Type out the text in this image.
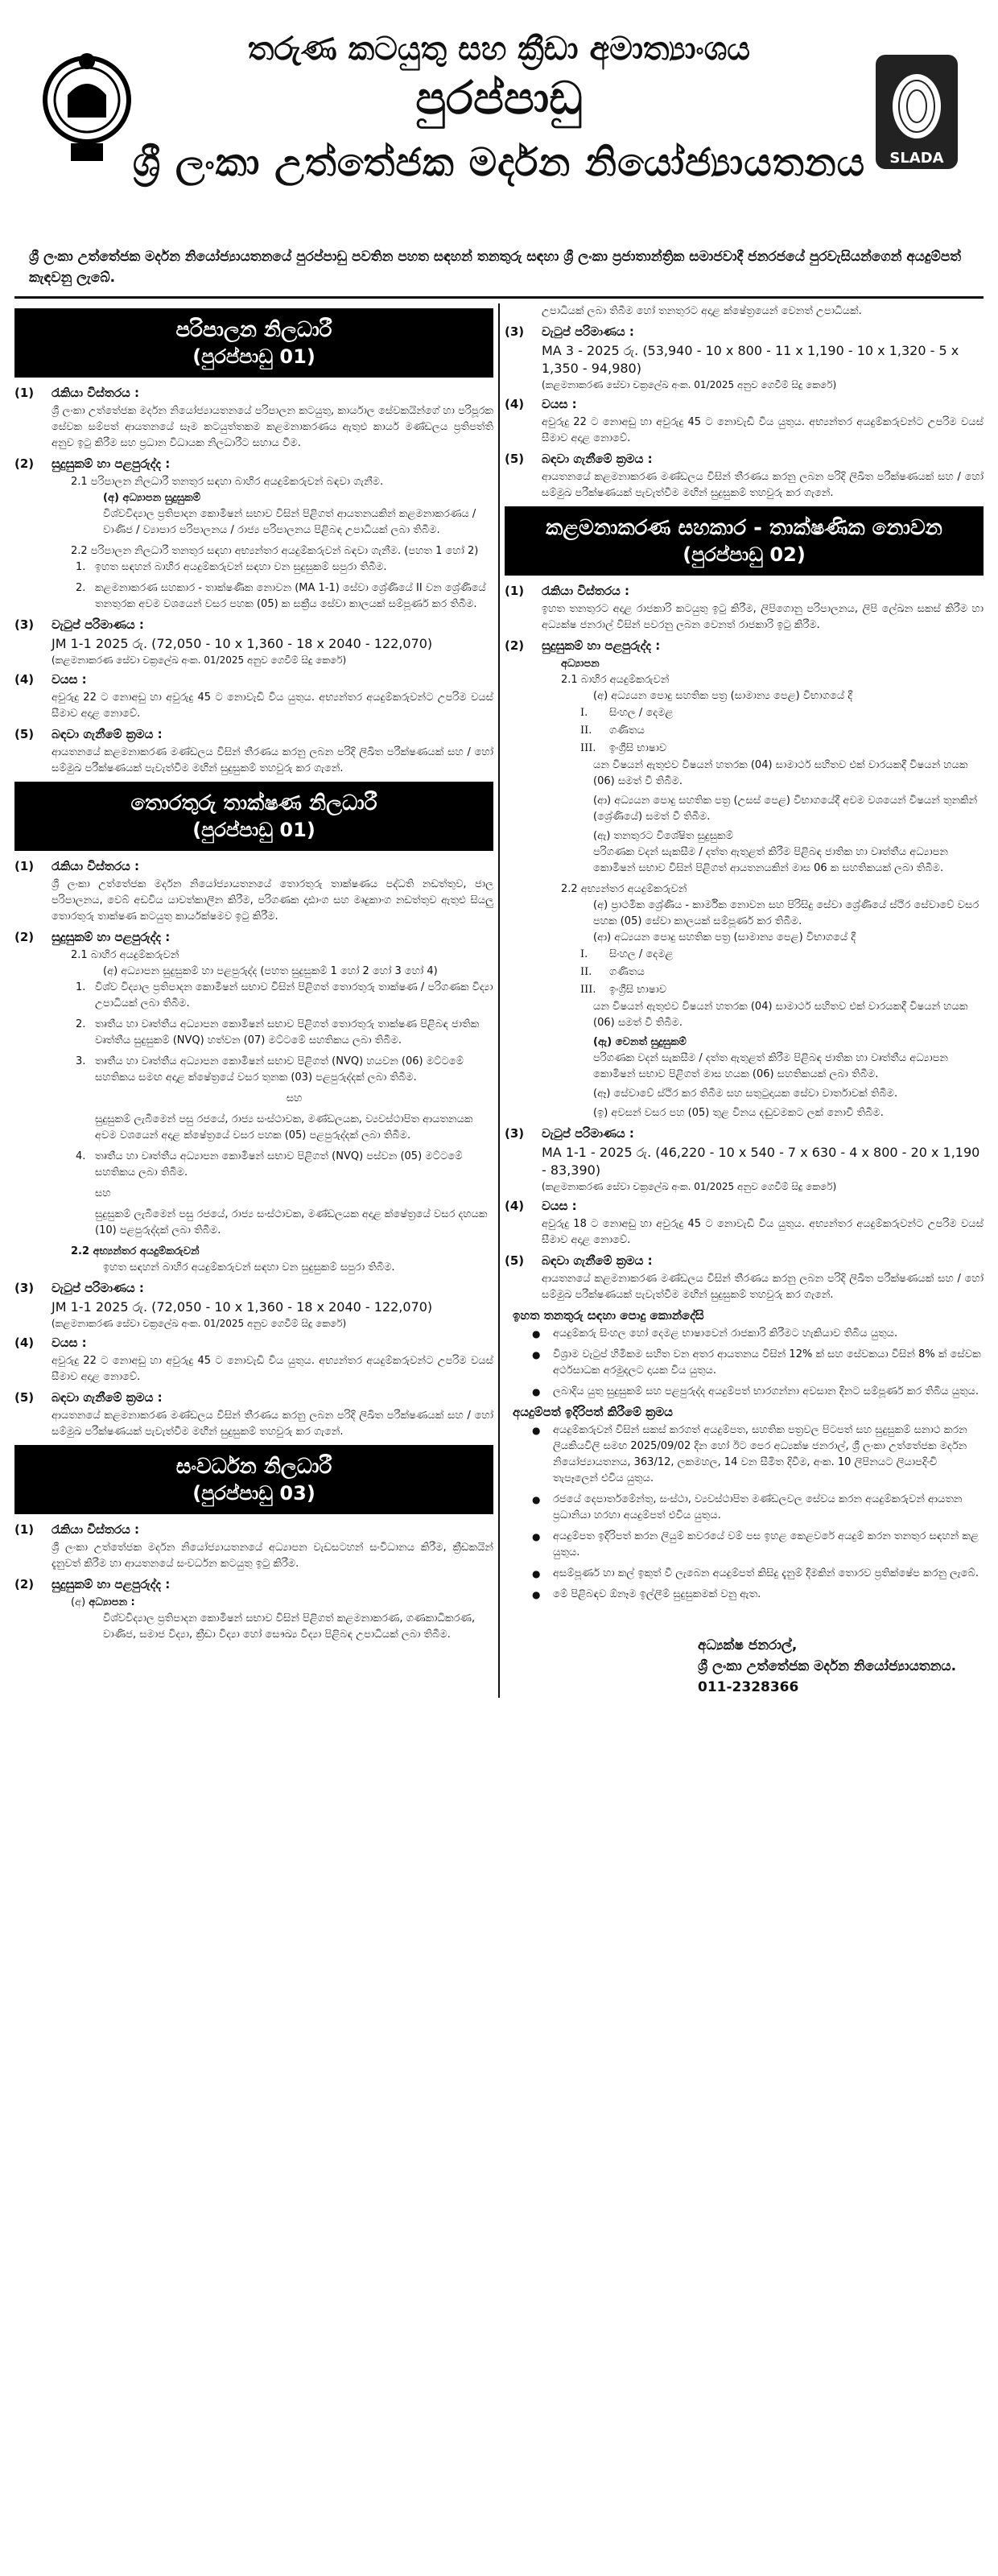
SLADA
තරුණ කටයුතු සහ ක්‍රීඩා අමාත්‍යාංශය
පුරප්පාඩු
ශ්‍රී ලංකා උත්තේජක මර්දන නියෝජ්‍යායතනය
ශ්‍රී ලංකා උත්තේජක මර්දන නියෝජ්‍යායතනයේ පුරප්පාඩු පවතින පහත සඳහන් තනතුරු සඳහා ශ්‍රී ලංකා ප්‍රජාතාන්ත්‍රික සමාජවාදී ජනරජයේ පුරවැසියන්ගෙන් අයදුම්පත් කැඳවනු ලැබේ.
පරිපාලන නිලධාරී
(පුරප්පාඩු 01)
(1) රැකියා විස්තරය :
ශ්‍රී ලංකා උත්තේජක මර්දන නියෝජ්‍යායතනයේ පරිපාලන කටයුතු, කාර්යාල සේවකයින්ගේ හා පරිපූරක සේවක සම්පත් ආයතනයේ සෑම කටයුත්තකම කළමනාකරණය ඇතුළු කාර්ය මණ්ඩලය ප්‍රතිපත්ති අනුව ඉටු කිරීම සහ ප්‍රධාන විධායක නිලධාරීට සහාය වීම.
(2) සුදුසුකම් හා පළපුරුද්ද :
2.1 පරිපාලන නිලධාරී තනතුර සඳහා බාහිර අයදුම්කරුවන් බඳවා ගැනීම.
(අ) අධ්‍යාපන සුදුසුකම්
විශ්වවිද්‍යාල ප්‍රතිපාදන කොමිෂන් සභාව විසින් පිළිගත් ආයතනයකින් කළමනාකරණය / වාණිජ / ව්‍යාපාර පරිපාලනය / රාජ්‍ය පරිපාලනය පිළිබඳ උපාධියක් ලබා තිබීම.
2.2 පරිපාලන නිලධාරී තනතුර සඳහා අභ්‍යන්තර අයදුම්කරුවන් බඳවා ගැනීම. (පහත 1 හෝ 2)
1. ඉහත සඳහන් බාහිර අයදුම්කරුවන් සඳහා වන සුදුසුකම් සපුරා තිබීම.
2. කළමනාකරණ සහකාර - තාක්ෂණික නොවන (MA 1-1) සේවා ශ්‍රේණියේ II වන ශ්‍රේණියේ තනතුරක අවම වශයෙන් වසර පහක (05) ක සක්‍රීය සේවා කාලයක් සම්පූර්ණ කර තිබීම.
(3) වැටුප් පරිමාණය :
JM 1-1 2025 රු. (72,050 - 10 x 1,360 - 18 x 2040 - 122,070)
(කළමනාකරණ සේවා චක්‍රලේඛ අංක. 01/2025 අනුව ගෙවීම් සිදු කෙරේ)
(4) වයස :
අවුරුදු 22 ට නොඅඩු හා අවුරුදු 45 ට නොවැඩි විය යුතුය. අභ්‍යන්තර අයදුම්කරුවන්ට උපරිම වයස් සීමාව අදාළ නොවේ.
(5) බඳවා ගැනීමේ ක්‍රමය :
ආයතනයේ කළමනාකරණ මණ්ඩලය විසින් තීරණය කරනු ලබන පරිදි ලිඛිත පරීක්ෂණයක් සහ / හෝ සම්මුඛ පරීක්ෂණයක් පැවැත්වීම මඟින් සුදුසුකම් තහවුරු කර ගැනේ.
තොරතුරු තාක්ෂණ නිලධාරී
(පුරප්පාඩු 01)
(1) රැකියා විස්තරය :
ශ්‍රී ලංකා උත්තේජක මර්දන නියෝජ්‍යායතනයේ තොරතුරු තාක්ෂණය පද්ධති නඩත්තුව, ජාල පරිපාලනය, වෙබ් අඩවිය යාවත්කාලීන කිරීම, පරිගණක දෘඪාංග සහ මෘදුකාංග නඩත්තුව ඇතුළු සියලු තොරතුරු තාක්ෂණ කටයුතු කාර්යක්ෂමව ඉටු කිරීම.
(2) සුදුසුකම් හා පළපුරුද්ද :
2.1 බාහිර අයදුම්කරුවන්
(අ) අධ්‍යාපන සුදුසුකම් හා පළපුරුද්ද (පහත සුදුසුකම් 1 හෝ 2 හෝ 3 හෝ 4)
1. විශ්ව විද්‍යාල ප්‍රතිපාදන කොමිෂන් සභාව විසින් පිළිගත් තොරතුරු තාක්ෂණ / පරිගණක විද්‍යා උපාධියක් ලබා තිබීම.
2. තෘතීය හා වෘත්තීය අධ්‍යාපන කොමිෂන් සභාව පිළිගත් තොරතුරු තාක්ෂණ පිළිබඳ ජාතික වෘත්තීය සුදුසුකම් (NVQ) හත්වන (07) මට්ටමේ සහතිකය ලබා තිබීම.
3. තෘතීය හා වෘත්තීය අධ්‍යාපන කොමිෂන් සභාව පිළිගත් (NVQ) හයවන (06) මට්ටමේ සහතිකය සමඟ අදාළ ක්ෂේත්‍රයේ වසර තුනක (03) පළපුරුද්දක් ලබා තිබීම.
සහ
සුදුසුකම් ලැබීමෙන් පසු රජයේ, රාජ්‍ය සංස්ථාවක, මණ්ඩලයක, ව්‍යවස්ථාපිත ආයතනයක අවම වශයෙන් අදාළ ක්ෂේත්‍රයේ වසර පහක (05) පළපුරුද්දක් ලබා තිබීම.
4. තෘතීය හා වෘත්තීය අධ්‍යාපන කොමිෂන් සභාව පිළිගත් (NVQ) පස්වන (05) මට්ටමේ සහතිකය ලබා තිබීම.
සහ
සුදුසුකම් ලැබීමෙන් පසු රජයේ, රාජ්‍ය සංස්ථාවක, මණ්ඩලයක අදාළ ක්ෂේත්‍රයේ වසර දහයක (10) පළපුරුද්දක් ලබා තිබීම.
2.2 අභ්‍යන්තර අයදුම්කරුවන්
ඉහත සඳහන් බාහිර අයදුම්කරුවන් සඳහා වන සුදුසුකම් සපුරා තිබීම.
(3) වැටුප් පරිමාණය :
JM 1-1 2025 රු. (72,050 - 10 x 1,360 - 18 x 2040 - 122,070)
(කළමනාකරණ සේවා චක්‍රලේඛ අංක. 01/2025 අනුව ගෙවීම් සිදු කෙරේ)
(4) වයස :
අවුරුදු 22 ට නොඅඩු හා අවුරුදු 45 ට නොවැඩි විය යුතුය. අභ්‍යන්තර අයදුම්කරුවන්ට උපරිම වයස් සීමාව අදාළ නොවේ.
(5) බඳවා ගැනීමේ ක්‍රමය :
ආයතනයේ කළමනාකරණ මණ්ඩලය විසින් තීරණය කරනු ලබන පරිදි ලිඛිත පරීක්ෂණයක් සහ / හෝ සම්මුඛ පරීක්ෂණයක් පැවැත්වීම මඟින් සුදුසුකම් තහවුරු කර ගැනේ.
සංවර්ධන නිලධාරී
(පුරප්පාඩු 03)
(1) රැකියා විස්තරය :
ශ්‍රී ලංකා උත්තේජක මර්දන නියෝජ්‍යායතනයේ අධ්‍යාපන වැඩසටහන් සංවිධානය කිරීම, ක්‍රීඩකයින් දැනුවත් කිරීම හා ආයතනයේ සංවර්ධන කටයුතු ඉටු කිරීම.
(2) සුදුසුකම් හා පළපුරුද්ද :
(අ) අධ්‍යාපන :
විශ්වවිද්‍යාල ප්‍රතිපාදන කොමිෂන් සභාව විසින් පිළිගත් කළමනාකරණ, ගණකාධිකරණ, වාණිජ, සමාජ විද්‍යා, ක්‍රීඩා විද්‍යා හෝ සෞඛ්‍ය විද්‍යා පිළිබඳ උපාධියක් ලබා තිබීම.
උපාධියක් ලබා තිබීම හෝ තනතුරට අදාළ ක්ෂේත්‍රයෙන් වෙනත් උපාධියක්.
(3) වැටුප් පරිමාණය :
MA 3 - 2025 රු. (53,940 - 10 x 800 - 11 x 1,190 - 10 x 1,320 - 5 x 1,350 - 94,980)
(කළමනාකරණ සේවා චක්‍රලේඛ අංක. 01/2025 අනුව ගෙවීම් සිදු කෙරේ)
(4) වයස :
අවුරුදු 22 ට නොඅඩු හා අවුරුදු 45 ට නොවැඩි විය යුතුය. අභ්‍යන්තර අයදුම්කරුවන්ට උපරිම වයස් සීමාව අදාළ නොවේ.
(5) බඳවා ගැනීමේ ක්‍රමය :
ආයතනයේ කළමනාකරණ මණ්ඩලය විසින් තීරණය කරනු ලබන පරිදි ලිඛිත පරීක්ෂණයක් සහ / හෝ සම්මුඛ පරීක්ෂණයක් පැවැත්වීම මඟින් සුදුසුකම් තහවුරු කර ගැනේ.
කළමනාකරණ සහකාර - තාක්ෂණික නොවන
(පුරප්පාඩු 02)
(1) රැකියා විස්තරය :
ඉහත තනතුරට අදාළ රාජකාරි කටයුතු ඉටු කිරීම, ලිපිගොනු පරිපාලනය, ලිපි ලේඛන සකස් කිරීම හා අධ්‍යක්ෂ ජනරාල් විසින් පවරනු ලබන වෙනත් රාජකාරි ඉටු කිරීම.
(2) සුදුසුකම් හා පළපුරුද්ද :
අධ්‍යාපන
2.1 බාහිර අයදුම්කරුවන්
(අ) අධ්‍යයන පොදු සහතික පත්‍ර (සාමාන්‍ය පෙළ) විභාගයේ දී
I. සිංහල / දෙමළ
II. ගණිතය
III. ඉංග්‍රීසි භාෂාව
යන විෂයන් ඇතුළුව විෂයන් හතරක (04) සාමාර්ථ සහිතව එක් වාරයකදී විෂයන් හයක (06) සමත් වී තිබීම.
(ආ) අධ්‍යයන පොදු සහතික පත්‍ර (උසස් පෙළ) විභාගයේදී අවම වශයෙන් විෂයන් තුනකින් (ශ්‍රේණියේ) සමත් වී තිබීම.
(ඇ) තනතුරට විශේෂිත සුදුසුකම්
පරිගණක වදන් සැකසීම / දත්ත ඇතුළත් කිරීම පිළිබඳ ජාතික හා වෘත්තීය අධ්‍යාපන කොමිෂන් සභාව විසින් පිළිගත් ආයතනයකින් මාස 06 ක සහතිකයක් ලබා තිබීම.
2.2 අභ්‍යන්තර අයදුම්කරුවන්
(අ) ප්‍රාථමික ශ්‍රේණිය - කාර්මික නොවන සහ පිරිසිදු සේවා ශ්‍රේණියේ ස්ථිර සේවාවේ වසර පහක (05) සේවා කාලයක් සම්පූර්ණ කර තිබීම.
(ආ) අධ්‍යයන පොදු සහතික පත්‍ර (සාමාන්‍ය පෙළ) විභාගයේ දී
I. සිංහල / දෙමළ
II. ගණිතය
III. ඉංග්‍රීසි භාෂාව
යන විෂයන් ඇතුළුව විෂයන් හතරක (04) සාමාර්ථ සහිතව එක් වාරයකදී විෂයන් හයක (06) සමත් වී තිබීම.
(ඇ) වෙනත් සුදුසුකම්
පරිගණක වදන් සැකසීම / දත්ත ඇතුළත් කිරීම පිළිබඳ ජාතික හා වෘත්තීය අධ්‍යාපන කොමිෂන් සභාව පිළිගත් මාස හයක (06) සහතිකයක් ලබා තිබීම.
(ඈ) සේවාවේ ස්ථිර කර තිබීම සහ සතුටුදායක සේවා වාර්තාවක් තිබීම.
(ඉ) අවසන් වසර පහ (05) තුළ විනය දඬුවමකට ලක් නොවී තිබීම.
(3) වැටුප් පරිමාණය :
MA 1-1 - 2025 රු. (46,220 - 10 x 540 - 7 x 630 - 4 x 800 - 20 x 1,190 - 83,390)
(කළමනාකරණ සේවා චක්‍රලේඛ අංක. 01/2025 අනුව ගෙවීම් සිදු කෙරේ)
(4) වයස :
අවුරුදු 18 ට නොඅඩු හා අවුරුදු 45 ට නොවැඩි විය යුතුය. අභ්‍යන්තර අයදුම්කරුවන්ට උපරිම වයස් සීමාව අදාළ නොවේ.
(5) බඳවා ගැනීමේ ක්‍රමය :
ආයතනයේ කළමනාකරණ මණ්ඩලය විසින් තීරණය කරනු ලබන පරිදි ලිඛිත පරීක්ෂණයක් සහ / හෝ සම්මුඛ පරීක්ෂණයක් පැවැත්වීම මඟින් සුදුසුකම් තහවුරු කර ගැනේ.
ඉහත තනතුරු සඳහා පොදු කොන්දේසි
● අයදුම්කරු සිංහල හෝ දෙමළ භාෂාවෙන් රාජකාරි කිරීමට හැකියාව තිබිය යුතුය.
● විශ්‍රාම වැටුප් හිමිකම සහිත වන අතර ආයතනය විසින් 12% ක් සහ සේවකයා විසින් 8% ක් සේවක අර්ථසාධක අරමුදලට දායක විය යුතුය.
● ලබාදිය යුතු සුදුසුකම් සහ පළපුරුද්ද අයදුම්පත් භාරගන්නා අවසාන දිනට සම්පූර්ණ කර තිබිය යුතුය.
අයදුම්පත් ඉදිරිපත් කිරීමේ ක්‍රමය
● අයදුම්කරුවන් විසින් සකස් කරගත් අයදුම්පත, සහතික පත්‍රවල පිටපත් සහ සුදුසුකම් සනාථ කරන ලියකියවිලි සමඟ 2025/09/02 දින හෝ ඊට පෙර අධ්‍යක්ෂ ජනරාල්, ශ්‍රී ලංකා උත්තේජක මර්දන නියෝජ්‍යායතනය, 363/12, ලකමහල, 14 වන සීමිත දිවීම, අංක. 10 ලිපිනයට ලියාපදිංචි තැපෑලෙන් එවිය යුතුය.
● රජයේ දෙපාර්තමේන්තු, සංස්ථා, ව්‍යවස්ථාපිත මණ්ඩලවල සේවය කරන අයදුම්කරුවන් ආයතන ප්‍රධානියා හරහා අයදුම්පත් එවිය යුතුය.
● අයදුම්පත ඉදිරිපත් කරන ලියුම් කවරයේ වම් පස ඉහළ කෙළවරේ අයදුම් කරන තනතුර සඳහන් කළ යුතුය.
● අසම්පූර්ණ හා කල් ඉකුත් වී ලැබෙන අයදුම්පත් කිසිදු දැනුම් දීමකින් තොරව ප්‍රතික්ෂේප කරනු ලැබේ.
● මේ පිළිබඳව ඕනෑම ඉල්ලීම් සුදුසුකමක් වනු ඇත.
අධ්‍යක්ෂ ජනරාල්,
ශ්‍රී ලංකා උත්තේජක මර්දන නියෝජ්‍යායතනය.
011-2328366
